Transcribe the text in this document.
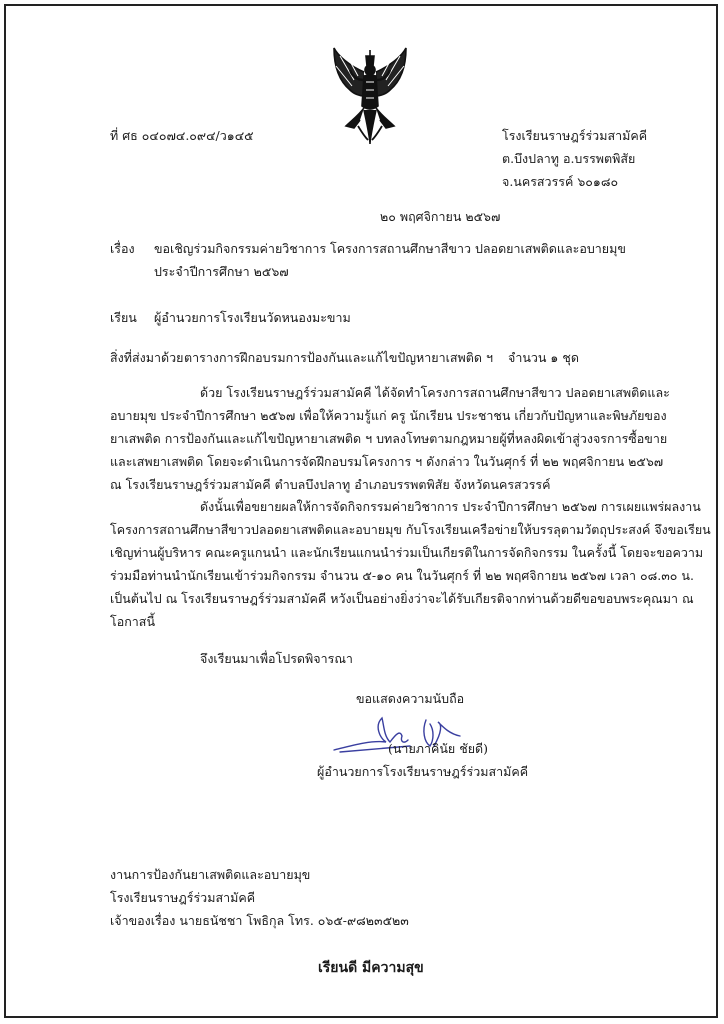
ที่ ศธ ๐๔๐๗๔.๐๙๔/ว๑๔๕	โรงเรียนราษฎร์ร่วมสามัคคี
ต.บึงปลาทู อ.บรรพตพิสัย
จ.นครสวรรค์ ๖๐๑๘๐
๒๐ พฤศจิกายน ๒๕๖๗
เรื่อง ขอเชิญร่วมกิจกรรมค่ายวิชาการ โครงการสถานศึกษาสีขาว ปลอดยาเสพติดและอบายมุข
ประจำปีการศึกษา ๒๕๖๗
เรียน ผู้อำนวยการโรงเรียนวัดหนองมะขาม
สิ่งที่ส่งมาด้วย ตารางการฝึกอบรมการป้องกันและแก้ไขปัญหายาเสพติด ฯ จำนวน ๑ ชุด
ด้วย โรงเรียนราษฎร์ร่วมสามัคคี ได้จัดทำโครงการสถานศึกษาสีขาว ปลอดยาเสพติดและ
อบายมุข ประจำปีการศึกษา ๒๕๖๗ เพื่อให้ความรู้แก่ ครู นักเรียน ประชาชน เกี่ยวกับปัญหาและพิษภัยของ
ยาเสพติด การป้องกันและแก้ไขปัญหายาเสพติด ฯ บทลงโทษตามกฎหมายผู้ที่หลงผิดเข้าสู่วงจรการซื้อขาย
และเสพยาเสพติด โดยจะดำเนินการจัดฝึกอบรมโครงการ ฯ ดังกล่าว ในวันศุกร์ ที่ ๒๒ พฤศจิกายน ๒๕๖๗
ณ โรงเรียนราษฎร์ร่วมสามัคคี ตำบลบึงปลาทู อำเภอบรรพตพิสัย จังหวัดนครสวรรค์
ดังนั้นเพื่อขยายผลให้การจัดกิจกรรมค่ายวิชาการ ประจำปีการศึกษา ๒๕๖๗ การเผยแพร่ผลงาน
โครงการสถานศึกษาสีขาวปลอดยาเสพติดและอบายมุข กับโรงเรียนเครือข่ายให้บรรลุตามวัตถุประสงค์ จึงขอเรียน
เชิญท่านผู้บริหาร คณะครูแกนนำ และนักเรียนแกนนำร่วมเป็นเกียรติในการจัดกิจกรรม ในครั้งนี้ โดยจะขอความ
ร่วมมือท่านนำนักเรียนเข้าร่วมกิจกรรม จำนวน ๕-๑๐ คน ในวันศุกร์ ที่ ๒๒ พฤศจิกายน ๒๕๖๗ เวลา ๐๘.๓๐ น.
เป็นต้นไป ณ โรงเรียนราษฎร์ร่วมสามัคคี หวังเป็นอย่างยิ่งว่าจะได้รับเกียรติจากท่านด้วยดีขอขอบพระคุณมา ณ
โอกาสนี้
จึงเรียนมาเพื่อโปรดพิจารณา
ขอแสดงความนับถือ
(นายภาคินัย ชัยดี)
ผู้อำนวยการโรงเรียนราษฎร์ร่วมสามัคคี
งานการป้องกันยาเสพติดและอบายมุข
โรงเรียนราษฎร์ร่วมสามัคคี
เจ้าของเรื่อง นายธนัชชา โพธิกุล โทร. ๐๖๕-๙๘๒๓๕๒๓
เรียนดี มีความสุข
